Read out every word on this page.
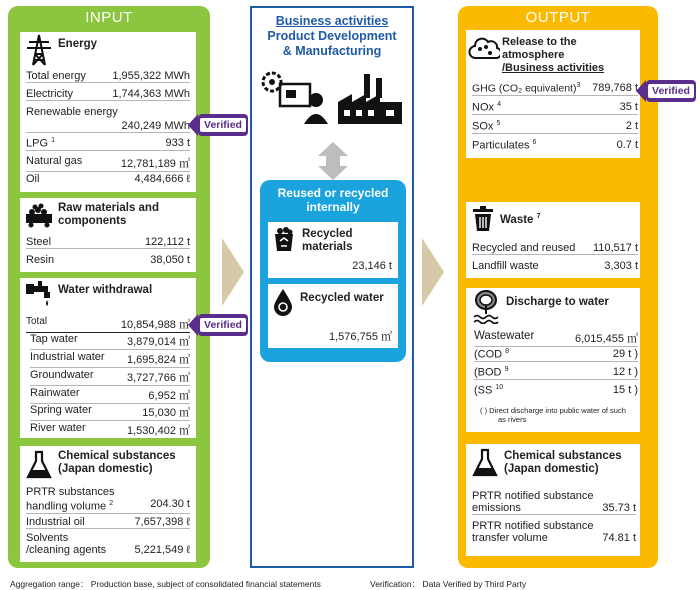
INPUT
Energy
Total energy 1,955,322 MWh
Electricity	1,744,363 MWh
Renewable energy
240,249 MWh
LPG $^1$	933 t
Natural gas	12,781,189 ㎥
Oil	4,484,666 ℓ
Raw materials and
components
Steel	122,112 t
Resin	38,050 t
Water withdrawal
Total	10,854,988 ㎥
Tap water	3,879,014 ㎥
Industrial water 1,695,824 ㎥
Groundwater	3,727,766 ㎥
Rainwater	6,952 ㎥
Spring water	15,030 ㎥
River water	1,530,402 ㎥
Chemical substances
(Japan domestic)
PRTR substances
handling volume $^2$	204.30 t
Industrial oil	7,657,398 ℓ
Solvents
/cleaning agents	5,221,549 ℓ
Business activities
Product Development
& Manufacturing
Reused or recycled
internally
Recycled
materials
23,146 t
Recycled water
1,576,755 ㎥
OUTPUT
Release to the atmosphere
/Business activities
GHG (CO₂ equivalent)$^3$ 789,768 t
NOx $^4$	35 t
SOx $^5$	2 t
Particulates $^6$	0.7 t
Waste $^7$
Recycled and reused 110,517 t
Landfill waste	3,303 t
Discharge to water
Wastewater	6,015,455 ㎥
(COD $^8$	29 t )
(BOD $^9$	12 t )
(SS $^{10}$	15 t )
( ) Direct discharge into public water of such
as rivers
Chemical substances
(Japan domestic)
PRTR notified substance
emissions	35.73 t
PRTR notified substance
transfer volume	74.81 t
Verified
Verified
Verified
Aggregation range： Production base, subject of consolidated financial statements	Verification： Data Verified by Third Party
